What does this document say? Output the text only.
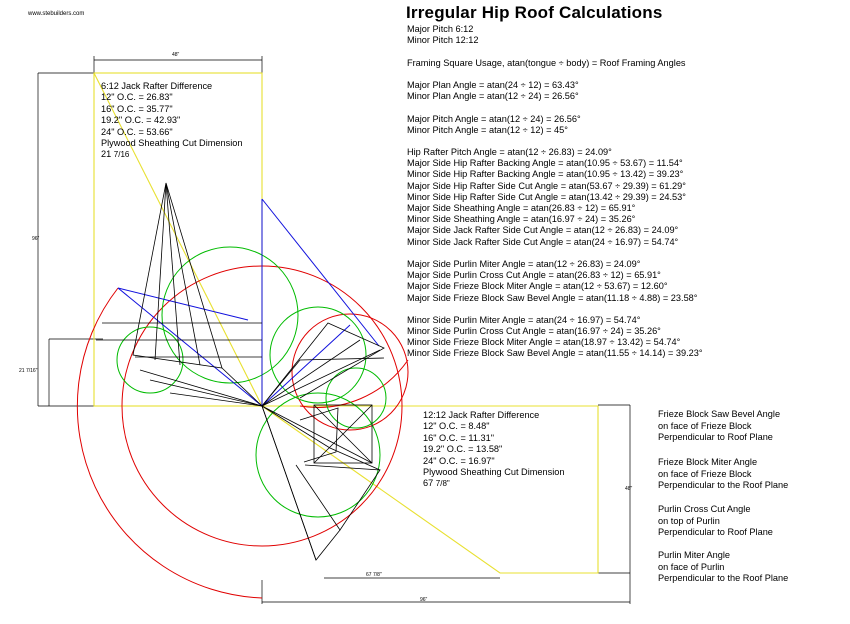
www.stebuilders.com	Irregular Hip Roof Calculations
Major Pitch 6:12
Minor Pitch 12:12
Framing Square Usage, atan(tongue ÷ body) = Roof Framing Angles
Major Plan Angle = atan(24 ÷ 12) = 63.43°
Minor Plan Angle = atan(12 ÷ 24) = 26.56°
Major Pitch Angle = atan(12 ÷ 24) = 26.56°
Minor Pitch Angle = atan(12 ÷ 12) = 45°
Hip Rafter Pitch Angle = atan(12 ÷ 26.83) = 24.09°
Major Side Hip Rafter Backing Angle = atan(10.95 ÷ 53.67) = 11.54°
Minor Side Hip Rafter Backing Angle = atan(10.95 ÷ 13.42) = 39.23°
Major Side Hip Rafter Side Cut Angle = atan(53.67 ÷ 29.39) = 61.29°
Minor Side Hip Rafter Side Cut Angle = atan(13.42 ÷ 29.39) = 24.53°
Major Side Sheathing Angle = atan(26.83 ÷ 12) = 65.91°
Minor Side Sheathing Angle = atan(16.97 ÷ 24) = 35.26°
Major Side Jack Rafter Side Cut Angle = atan(12 ÷ 26.83) = 24.09°
Minor Side Jack Rafter Side Cut Angle = atan(24 ÷ 16.97) = 54.74°
Major Side Purlin Miter Angle = atan(12 ÷ 26.83) = 24.09°
Major Side Purlin Cross Cut Angle = atan(26.83 ÷ 12) = 65.91°
Major Side Frieze Block Miter Angle = atan(12 ÷ 53.67) = 12.60°
Major Side Frieze Block Saw Bevel Angle = atan(11.18 ÷ 4.88) = 23.58°
Minor Side Purlin Miter Angle = atan(24 ÷ 16.97) = 54.74°
Minor Side Purlin Cross Cut Angle = atan(16.97 ÷ 24) = 35.26°
Minor Side Frieze Block Miter Angle = atan(18.97 ÷ 13.42) = 54.74°
Minor Side Frieze Block Saw Bevel Angle = atan(11.55 ÷ 14.14) = 39.23°
6:12 Jack Rafter Difference
12" O.C. = 26.83"
16" O.C. = 35.77"
19.2" O.C. = 42.93"
24" O.C. = 53.66"
Plywood Sheathing Cut Dimension
21 7/16
12:12 Jack Rafter Difference
12" O.C. = 8.48"
16" O.C. = 11.31"
19.2" O.C. = 13.58"
24" O.C. = 16.97"
Plywood Sheathing Cut Dimension
67 7/8"
Frieze Block Saw Bevel Angle
on face of Frieze Block
Perpendicular to Roof Plane
Frieze Block Miter Angle
on face of Frieze Block
Perpendicular to the Roof Plane
Purlin Cross Cut Angle
on top of Purlin
Perpendicular to Roof Plane
Purlin Miter Angle
on face of Purlin
Perpendicular to the Roof Plane
48"
96"
21 7/16"
48"
67 7/8"
96"
